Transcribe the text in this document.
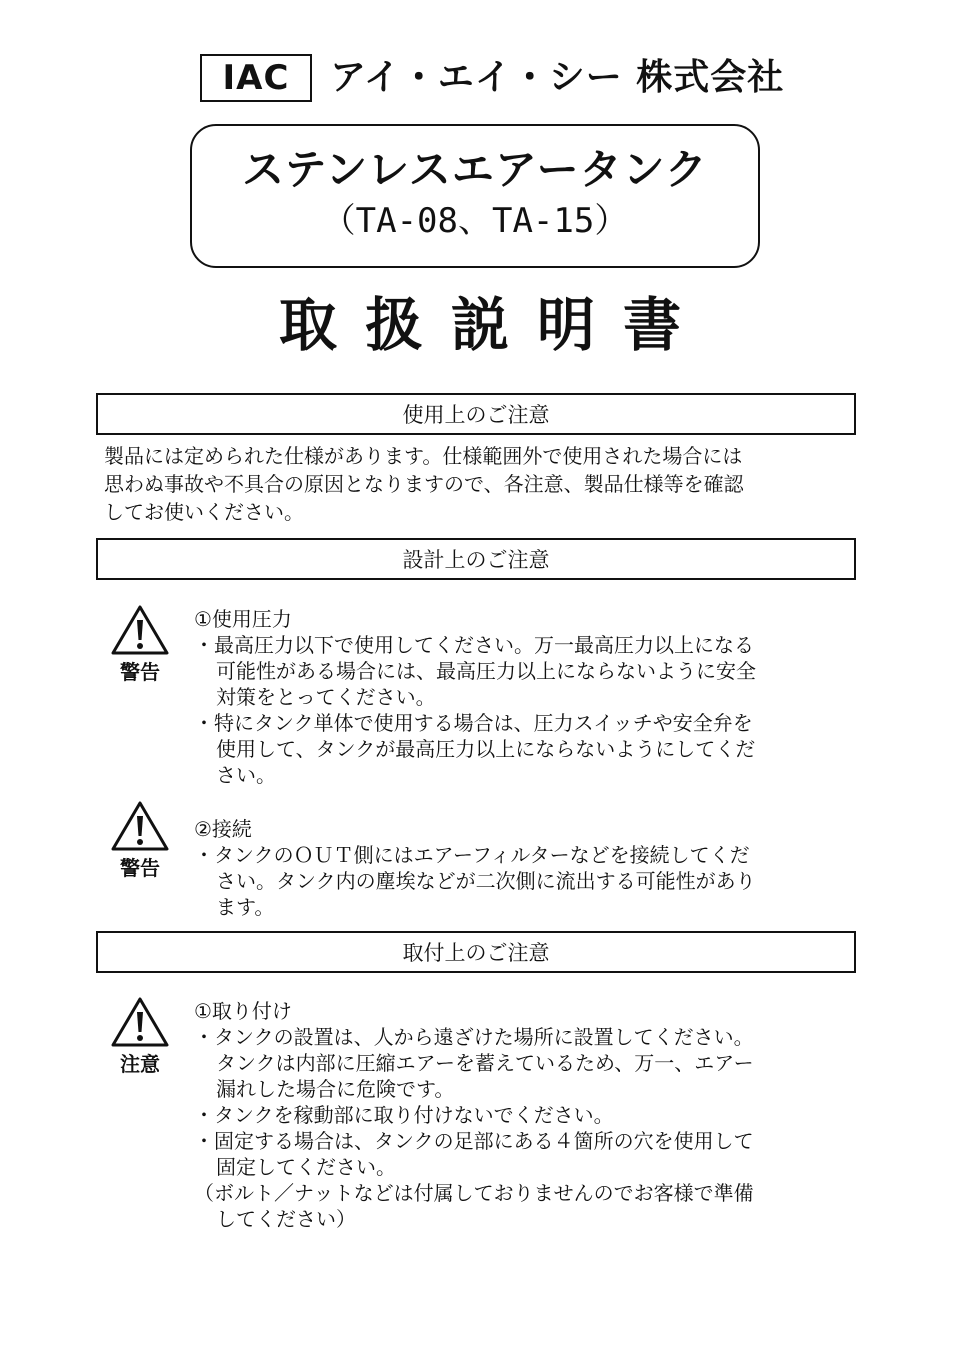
IAC アイ・エイ・シー 株式会社
ステンレスエアータンク
（TA-08、TA-15）
取扱説明書
使用上のご注意
製品には定められた仕様があります。仕様範囲外で使用された場合には
思わぬ事故や不具合の原因となりますので、各注意、製品仕様等を確認
してお使いください。
設計上のご注意
警告
①使用圧力
・最高圧力以下で使用してください。万一最高圧力以上になる
可能性がある場合には、最高圧力以上にならないように安全
対策をとってください。
・特にタンク単体で使用する場合は、圧力スイッチや安全弁を
使用して、タンクが最高圧力以上にならないようにしてくだ
さい。
警告
②接続
・タンクのＯＵＴ側にはエアーフィルターなどを接続してくだ
さい。タンク内の塵埃などが二次側に流出する可能性があり
ます。
取付上のご注意
注意
①取り付け
・タンクの設置は、人から遠ざけた場所に設置してください。
タンクは内部に圧縮エアーを蓄えているため、万一、エアー
漏れした場合に危険です。
・タンクを稼動部に取り付けないでください。
・固定する場合は、タンクの足部にある４箇所の穴を使用して
固定してください。
（ボルト／ナットなどは付属しておりませんのでお客様で準備
してください）
